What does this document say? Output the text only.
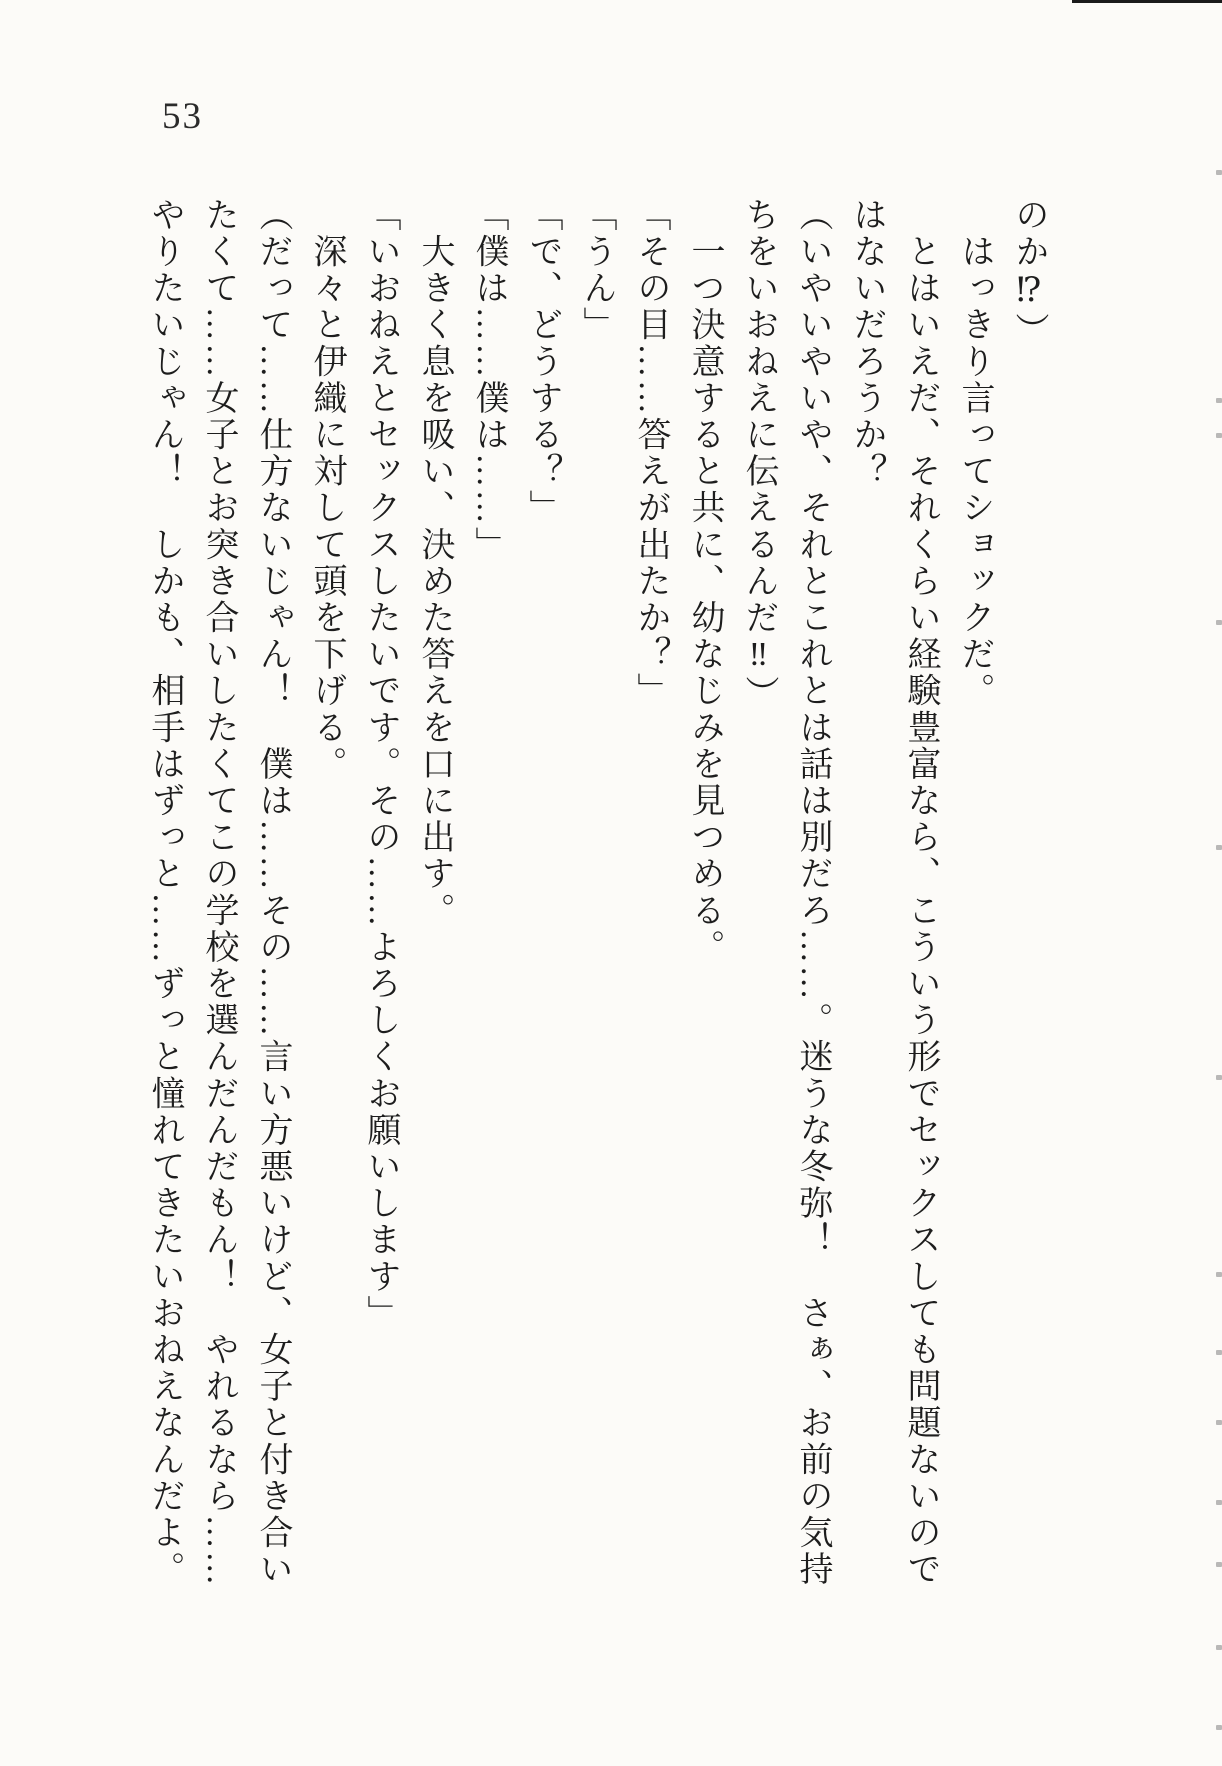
53
のか⁉）
　はっきり言ってショックだ。
　とはいえだ、それくらい経験豊富なら、こういう形でセックスしても問題ないので
はないだろうか？
（いやいやいや、それとこれとは話は別だろ……。迷うな冬弥！　さぁ、お前の気持
ちをいおねえに伝えるんだ‼）
　一つ決意すると共に、幼なじみを見つめる。
「その目……答えが出たか？」
「うん」
「で、どうする？」
「僕は……僕は……」
　大きく息を吸い、決めた答えを口に出す。
「いおねえとセックスしたいです。その……よろしくお願いします」
　深々と伊織に対して頭を下げる。
（だって……仕方ないじゃん！　僕は……その……言い方悪いけど、女子と付き合い
たくて……女子とお突き合いしたくてこの学校を選んだんだもん！　やれるなら……
やりたいじゃん！　しかも、相手はずっと……ずっと憧れてきたいおねえなんだよ。
